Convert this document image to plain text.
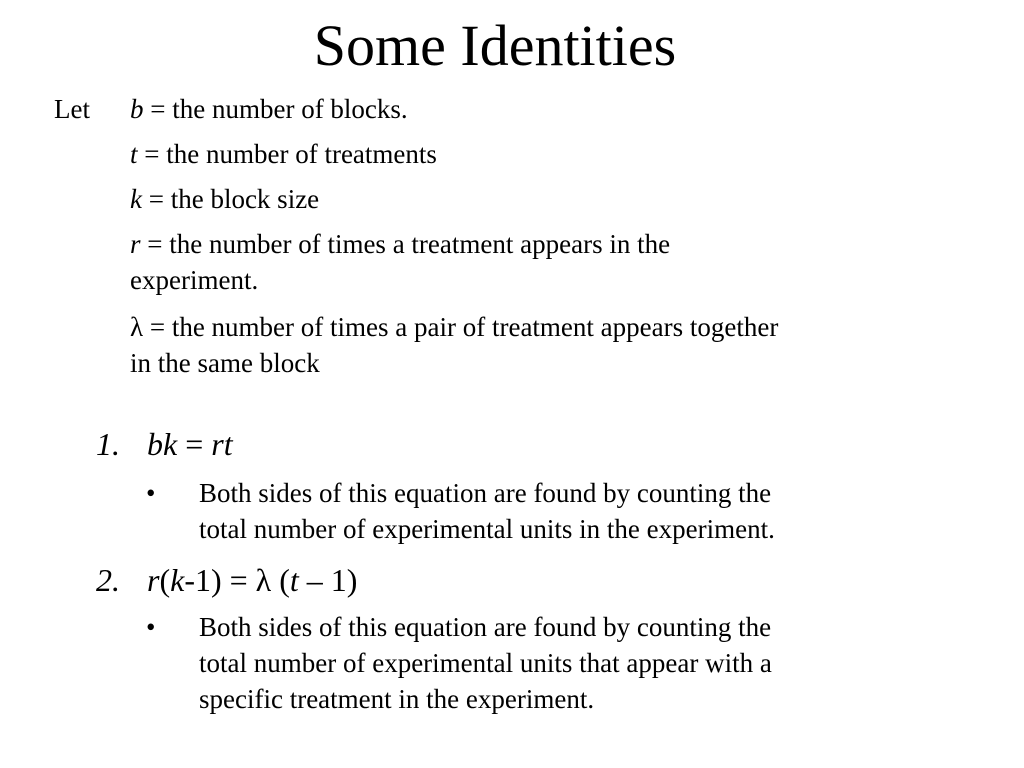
Some Identities
Let b = the number of blocks.
t = the number of treatments
k = the block size
r = the number of times a treatment appears in the
experiment.
λ = the number of times a pair of treatment appears together
in the same block
1. bk = rt
• Both sides of this equation are found by counting the
total number of experimental units in the experiment.
2. r(k-1) = λ (t – 1)
• Both sides of this equation are found by counting the
total number of experimental units that appear with a
specific treatment in the experiment.
